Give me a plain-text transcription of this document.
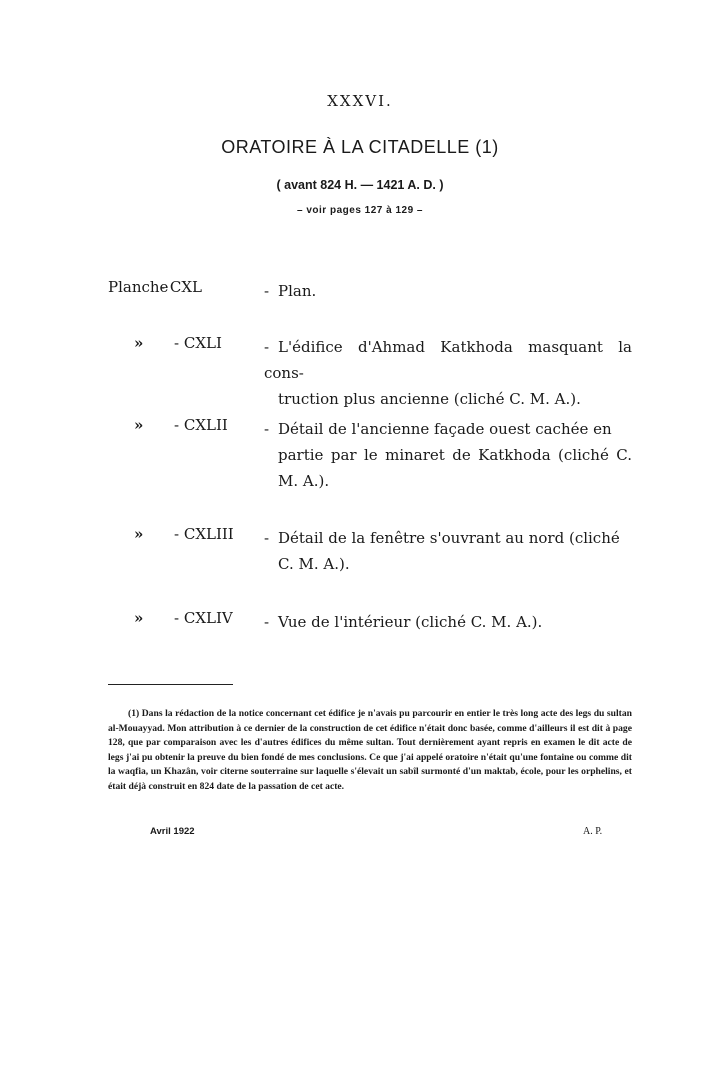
XXXVI.
ORATOIRE À LA CITADELLE (1)
( avant 824 H. — 1421 A. D. )
– voir pages 127 à 129 –
Planche
- CXL	- Plan.
» - CXLI	- L'édifice d'Ahmad Katkhoda masquant la cons-

truction plus ancienne (cliché C. M. A.).

» - CXLII - Détail de l'ancienne façade ouest cachée en

partie par le minaret de Katkhoda (cliché C. M. A.).

» - CXLIII - Détail de la fenêtre s'ouvrant au nord (cliché

C. M. A.).

» - CXLIV - Vue de l'intérieur (cliché C. M. A.).

(1) Dans la rédaction de la notice concernant cet édifice je n'avais pu parcourir en entier le très long acte des legs du sultan al-Mouayyad. Mon attribution à ce dernier de la construction de cet édifice n'était donc basée, comme d'ailleurs il est dit à page 128, que par comparaison avec les d'autres édifices du même sultan. Tout dernièrement ayant repris en examen le dit acte de legs j'ai pu obtenir la preuve du bien fondé de mes conclusions. Ce que j'ai appelé oratoire n'était qu'une fontaine ou comme dit la waqfia, un Khazân, voir citerne souterraine sur laquelle s'élevait un sabîl surmonté d'un maktab, école, pour les orphelins, et était déjà construit en 824 date de la passation de cet acte.

Avril 1922	A. P.
